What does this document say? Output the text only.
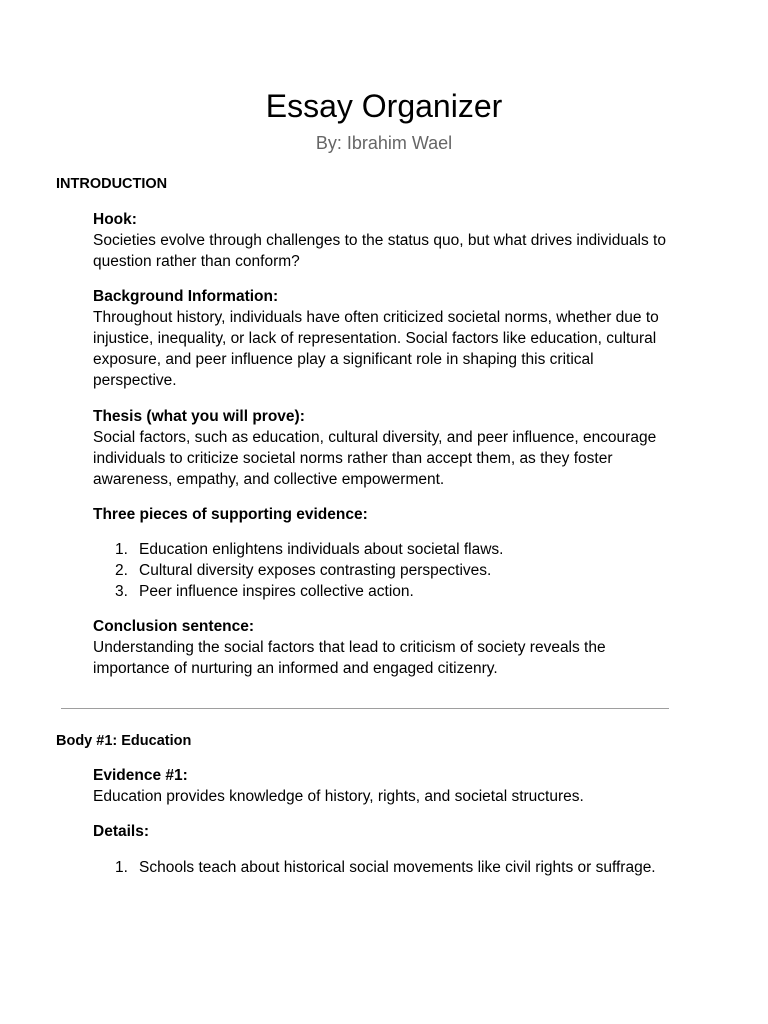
Essay Organizer

By: Ibrahim Wael

INTRODUCTION

Hook:
Societies evolve through challenges to the status quo, but what drives individuals to question rather than conform?
Background Information:
Throughout history, individuals have often criticized societal norms, whether due to injustice, inequality, or lack of representation. Social factors like education, cultural exposure, and peer influence play a significant role in shaping this critical perspective.
Thesis (what you will prove):
Social factors, such as education, cultural diversity, and peer influence, encourage individuals to criticize societal norms rather than accept them, as they foster awareness, empathy, and collective empowerment.
Three pieces of supporting evidence:
Education enlightens individuals about societal flaws.
Cultural diversity exposes contrasting perspectives.
Peer influence inspires collective action.
Conclusion sentence:
Understanding the social factors that lead to criticism of society reveals the importance of nurturing an informed and engaged citizenry.

Body #1: Education

Evidence #1:
Education provides knowledge of history, rights, and societal structures.
Details:
Schools teach about historical social movements like civil rights or suffrage.
